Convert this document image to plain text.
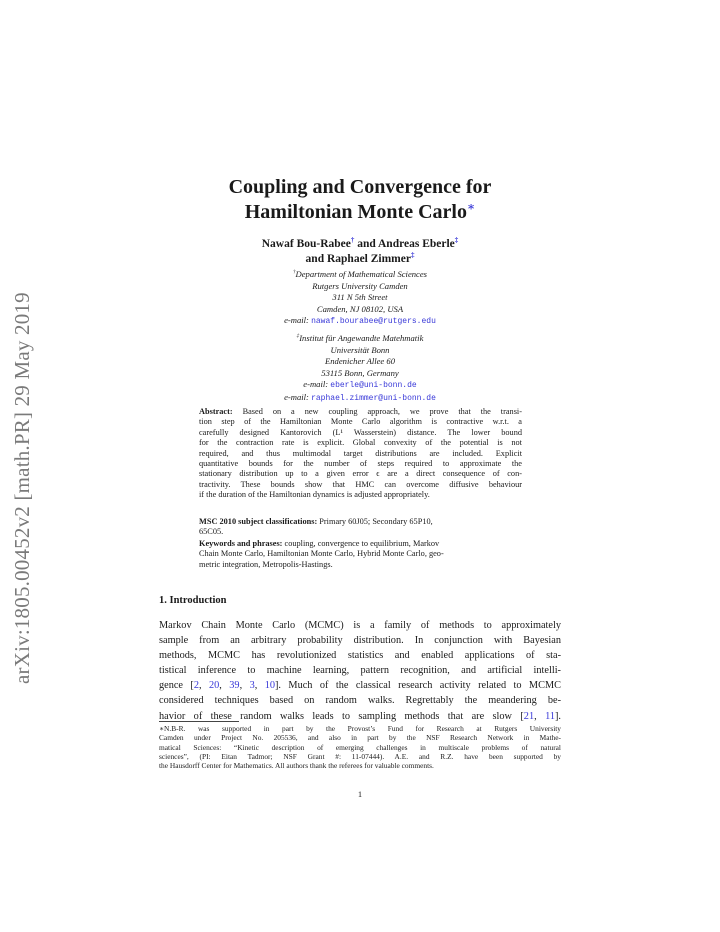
arXiv:1805.00452v2 [math.PR] 29 May 2019
Coupling and Convergence for
Hamiltonian Monte Carlo∗
Nawaf Bou-Rabee† and Andreas Eberle‡
and Raphael Zimmer‡
†Department of Mathematical Sciences
Rutgers University Camden
311 N 5th Street
Camden, NJ 08102, USA
e-mail: nawaf.bourabee@rutgers.edu
‡Institut für Angewandte Matehmatik
Universität Bonn
Endenicher Allee 60
53115 Bonn, Germany
e-mail: eberle@uni-bonn.de
e-mail: raphael.zimmer@uni-bonn.de
Abstract: Based on a new coupling approach, we prove that the transi-
tion step of the Hamiltonian Monte Carlo algorithm is contractive w.r.t. a
carefully designed Kantorovich (L¹ Wasserstein) distance. The lower bound
for the contraction rate is explicit. Global convexity of the potential is not
required, and thus multimodal target distributions are included. Explicit
quantitative bounds for the number of steps required to approximate the
stationary distribution up to a given error ϵ are a direct consequence of con-
tractivity. These bounds show that HMC can overcome diffusive behaviour
if the duration of the Hamiltonian dynamics is adjusted appropriately.
MSC 2010 subject classifications: Primary 60J05; Secondary 65P10,
65C05.
Keywords and phrases: coupling, convergence to equilibrium, Markov
Chain Monte Carlo, Hamiltonian Monte Carlo, Hybrid Monte Carlo, geo-
metric integration, Metropolis-Hastings.
1. Introduction
Markov Chain Monte Carlo (MCMC) is a family of methods to approximately
sample from an arbitrary probability distribution. In conjunction with Bayesian
methods, MCMC has revolutionized statistics and enabled applications of sta-
tistical inference to machine learning, pattern recognition, and artificial intelli-
gence [2, 20, 39, 3, 10]. Much of the classical research activity related to MCMC
considered techniques based on random walks. Regrettably the meandering be-
havior of these random walks leads to sampling methods that are slow [21, 11].
∗N.B-R. was supported in part by the Provost’s Fund for Research at Rutgers University
Camden under Project No. 205536, and also in part by the NSF Research Network in Mathe-
matical Sciences: “Kinetic description of emerging challenges in multiscale problems of natural
sciences”, (PI: Eitan Tadmor; NSF Grant #: 11-07444). A.E. and R.Z. have been supported by
the Hausdorff Center for Mathematics. All authors thank the referees for valuable comments.
1
